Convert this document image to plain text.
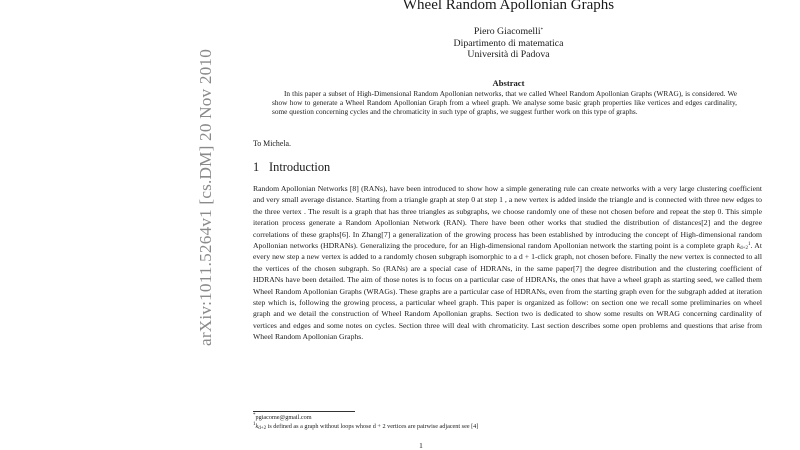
arXiv:1011.5264v1 [cs.DM] 20 Nov 2010
Wheel Random Apollonian Graphs
Piero Giacomelli*
Dipartimento di matematica
Università di Padova
Abstract

In this paper a subset of High-Dimensional Random Apollonian networks, that we called Wheel Random Apollonian Graphs (WRAG), is considered. We show how to generate a Wheel Random Apollonian Graph from a wheel graph. We analyse some basic graph properties like vertices and edges cardinality, some question concerning cycles and the chromaticity in such type of graphs, we suggest further work on this type of graphs.

To Michela.
1 Introduction

Random Apollonian Networks [8] (RANs), have been introduced to show how a simple generating rule can create networks with a very large clustering coefficient and very small average distance. Starting from a triangle graph at step 0 at step 1 , a new vertex is added inside the triangle and is connected with three new edges to the three vertex . The result is a graph that has three triangles as subgraphs, we choose randomly one of these not chosen before and repeat the step 0. This simple iteration process generate a Random Apollonian Network (RAN). There have been other works that studied the distribution of distances[2] and the degree correlations of these graphs[6]. In Zhang[7] a generalization of the growing process has been established by introducing the concept of High-dimensional random Apollonian networks (HDRANs). Generalizing the procedure, for an High-dimensional random Apollonian network the starting point is a complete graph $k_{d+2}^1$. At every new step a new vertex is added to a randomly chosen subgraph isomorphic to a d + 1-click graph, not chosen before. Finally the new vertex is connected to all the vertices of the chosen subgraph. So (RANs) are a special case of HDRANs, in the same paper[7] the degree distribution and the clustering coefficient of HDRANs have been detailed. The aim of those notes is to focus on a particular case of HDRANs, the ones that have a wheel graph as starting seed, we called them Wheel Random Apollonian Graphs (WRAGs). These graphs are a particular case of HDRANs, even from the starting graph even for the subgraph added at iteration step which is, following the growing process, a particular wheel graph. This paper is organized as follow: on section one we recall some preliminaries on wheel graph and we detail the construction of Wheel Random Apollonian graphs. Section two is dedicated to show some results on WRAG concerning cardinality of vertices and edges and some notes on cycles. Section three will deal with chromaticity. Last section describes some open problems and questions that arise from Wheel Random Apollonian Graphs.

*pgiacome@gmail.com
$^1k_{d+2}$ is defined as a graph without loops whose d + 2 vertices are pairwise adjacent see [4]
1
